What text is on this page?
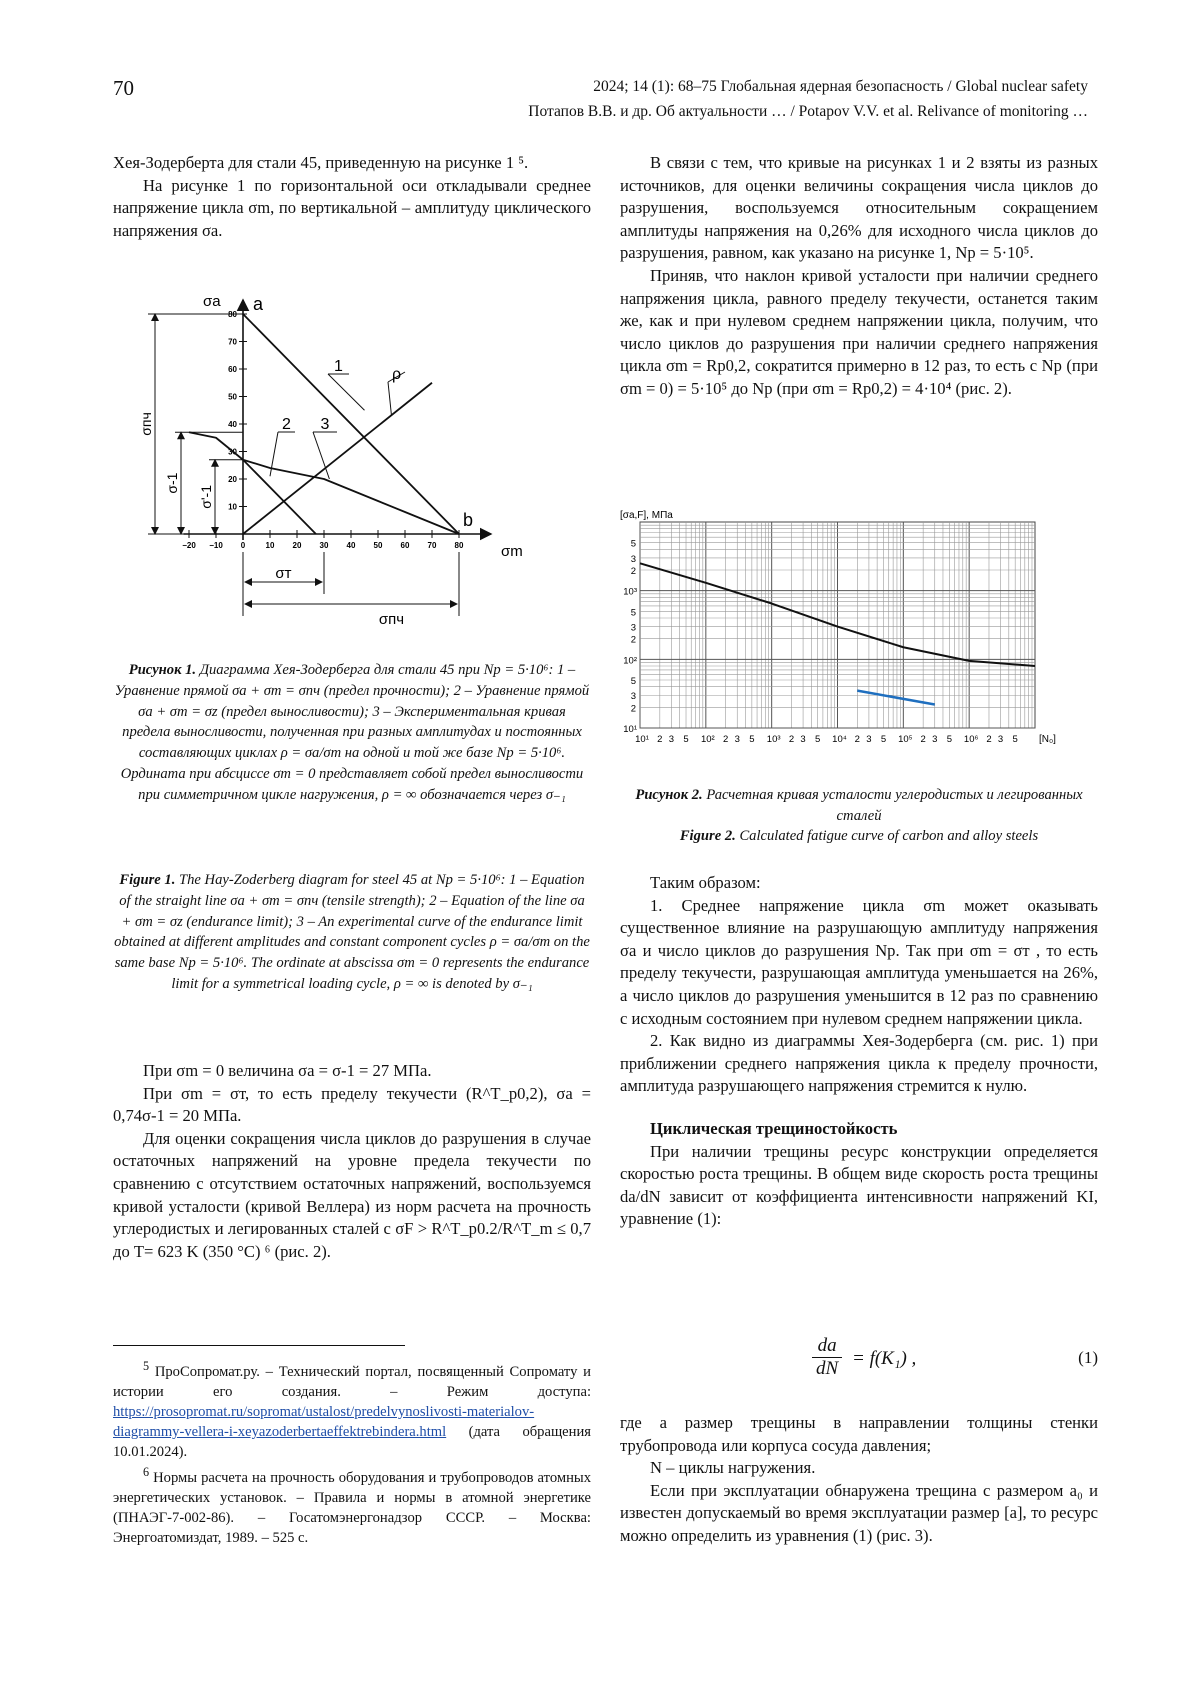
70	2024; 14 (1): 68–75 Глобальная ядерная безопасность / Global nuclear safety
Потапов В.В. и др. Об актуальности … / Potapov V.V. et al. Relivance of monitoring …

Хея-Зодерберта для стали 45, приведенную на рисунке 1 ⁵.

На рисунке 1 по горизонтальной оси откладывали среднее напряжение цикла σm, по вертикальной – амплитуду циклического напряжения σa.

10
20
30
40
50
60
70
80
−20 −10 0	10 20 30 40 50 60 70 80
σпч
σ-1
σ'-1
σт
σпч
σa
σm
a
b
1
2 3
ρ
Рисунок 1. Диаграмма Хея-Зодерберга для стали 45 при Nр = 5·10⁶: 1 – Уравнение прямой σa + σm = σпч (предел прочности); 2 – Уравнение прямой σa + σm = σz (предел выносливости); 3 – Экспериментальная кривая предела выносливости, полученная при разных амплитудах и постоянных составляющих циклах ρ = σa/σm на одной и той же базе Nр = 5·10⁶. Ордината при абсциссе σm = 0 представляет собой предел выносливости при симметричном цикле нагружения, ρ = ∞ обозначается через σ₋₁
Figure 1. The Hay-Zoderberg diagram for steel 45 at Np = 5·10⁶: 1 – Equation of the straight line σa + σm = σпч (tensile strength); 2 – Equation of the line σa + σm = σz (endurance limit); 3 – An experimental curve of the endurance limit obtained at different amplitudes and constant component cycles ρ = σa/σm on the same base Np = 5·10⁶. The ordinate at abscissa σm = 0 represents the endurance limit for a symmetrical loading cycle, ρ = ∞ is denoted by σ₋₁

При σm = 0 величина σa = σ-1 = 27 МПа.

При σm = σт, то есть пределу текучести (R^T_p0,2), σa = 0,74σ-1 = 20 МПа.

Для оценки сокращения числа циклов до разрушения в случае остаточных напряжений на уровне предела текучести по сравнению с отсутствием остаточных напряжений, воспользуемся кривой усталости (кривой Веллера) из норм расчета на прочность углеродистых и легированных сталей с σF > R^T_p0.2/R^T_m ≤ 0,7 до T= 623 K (350 °C) ⁶ (рис. 2).

$^5$ ПроСопромат.ру. – Технический портал, посвященный Сопромату и истории его создания. – Режим доступа: https://prosopromat.ru/sopromat/ustalost/predelvynoslivosti-materialov-diagrammy-vellera-i-xeyazoderbertaeffektrebindera.html (дата обращения 10.01.2024).

$^6$ Нормы расчета на прочность оборудования и трубопроводов атомных энергетических установок. – Правила и нормы в атомной энергетике (ПНАЭГ-7-002-86). – Госатомэнергонадзор СССР. – Москва: Энергоатомиздат, 1989. – 525 с.

В связи с тем, что кривые на рисунках 1 и 2 взяты из разных источников, для оценки величины сокращения числа циклов до разрушения, воспользуемся относительным сокращением амплитуды напряжения на 0,26% для исходного числа циклов до разрушения, равном, как указано на рисунке 1, Np = 5·10⁵.

Приняв, что наклон кривой усталости при наличии среднего напряжения цикла, равного пределу текучести, останется таким же, как и при нулевом среднем напряжении цикла, получим, что число циклов до разрушения при наличии среднего напряжения цикла σm = Rp0,2, сократится примерно в 12 раз, то есть с Np (при σm = 0) = 5·10⁵ до Np (при σm = Rp0,2) = 4·10⁴ (рис. 2).

10¹
2
3
5
10²
2
3
5
10³
2
3
5
10¹ 2 3 5 10² 2 3 5 10³ 2 3 5 10⁴ 2 3 5 10⁵ 2 3 5 10⁶ 2 3 5
[σa,F], МПа
[N₀]
Рисунок 2. Расчетная кривая усталости углеродистых и легированных сталей
Figure 2. Calculated fatigue curve of carbon and alloy steels

Таким образом:

1. Среднее напряжение цикла σm может оказывать существенное влияние на разрушающую амплитуду напряжения σa и число циклов до разрушения Np. Так при σm = σт , то есть пределу текучести, разрушающая амплитуда уменьшается на 26%, а число циклов до разрушения уменьшится в 12 раз по сравнению с исходным состоянием при нулевом среднем напряжении цикла.

2. Как видно из диаграммы Хея-Зодерберга (см. рис. 1) при приближении среднего напряжения цикла к пределу прочности, амплитуда разрушающего напряжения стремится к нулю.

Циклическая трещиностойкость

При наличии трещины ресурс конструкции определяется скоростью роста трещины. В общем виде скорость роста трещины da/dN зависит от коэффициента интенсивности напряжений KI, уравнение (1):

$\frac{da}{dN} = f(K_1)$ ,	(1)

где a размер трещины в направлении толщины стенки трубопровода или корпуса сосуда давления;

N – циклы нагружения.

Если при эксплуатации обнаружена трещина с размером a₀ и известен допускаемый во время эксплуатации размер [a], то ресурс можно определить из уравнения (1) (рис. 3).
